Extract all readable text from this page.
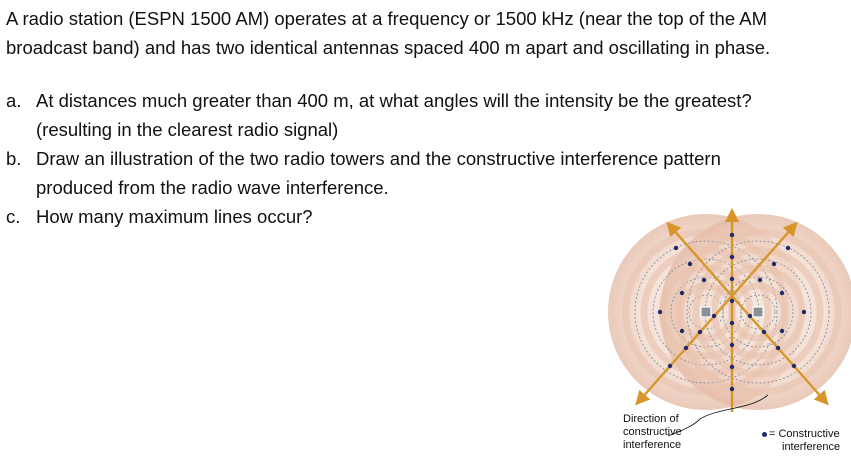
A radio station (ESPN 1500 AM) operates at a frequency or 1500 kHz (near the top of the AM
broadcast band) and has two identical antennas spaced 400 m apart and oscillating in phase.
a. At distances much greater than 400 m, at what angles will the intensity be the greatest?
(resulting in the clearest radio signal)
b. Draw an illustration of the two radio towers and the constructive interference pattern
produced from the radio wave interference.
c. How many maximum lines occur?
Direction of
constructive
interference
= Constructive
interference
